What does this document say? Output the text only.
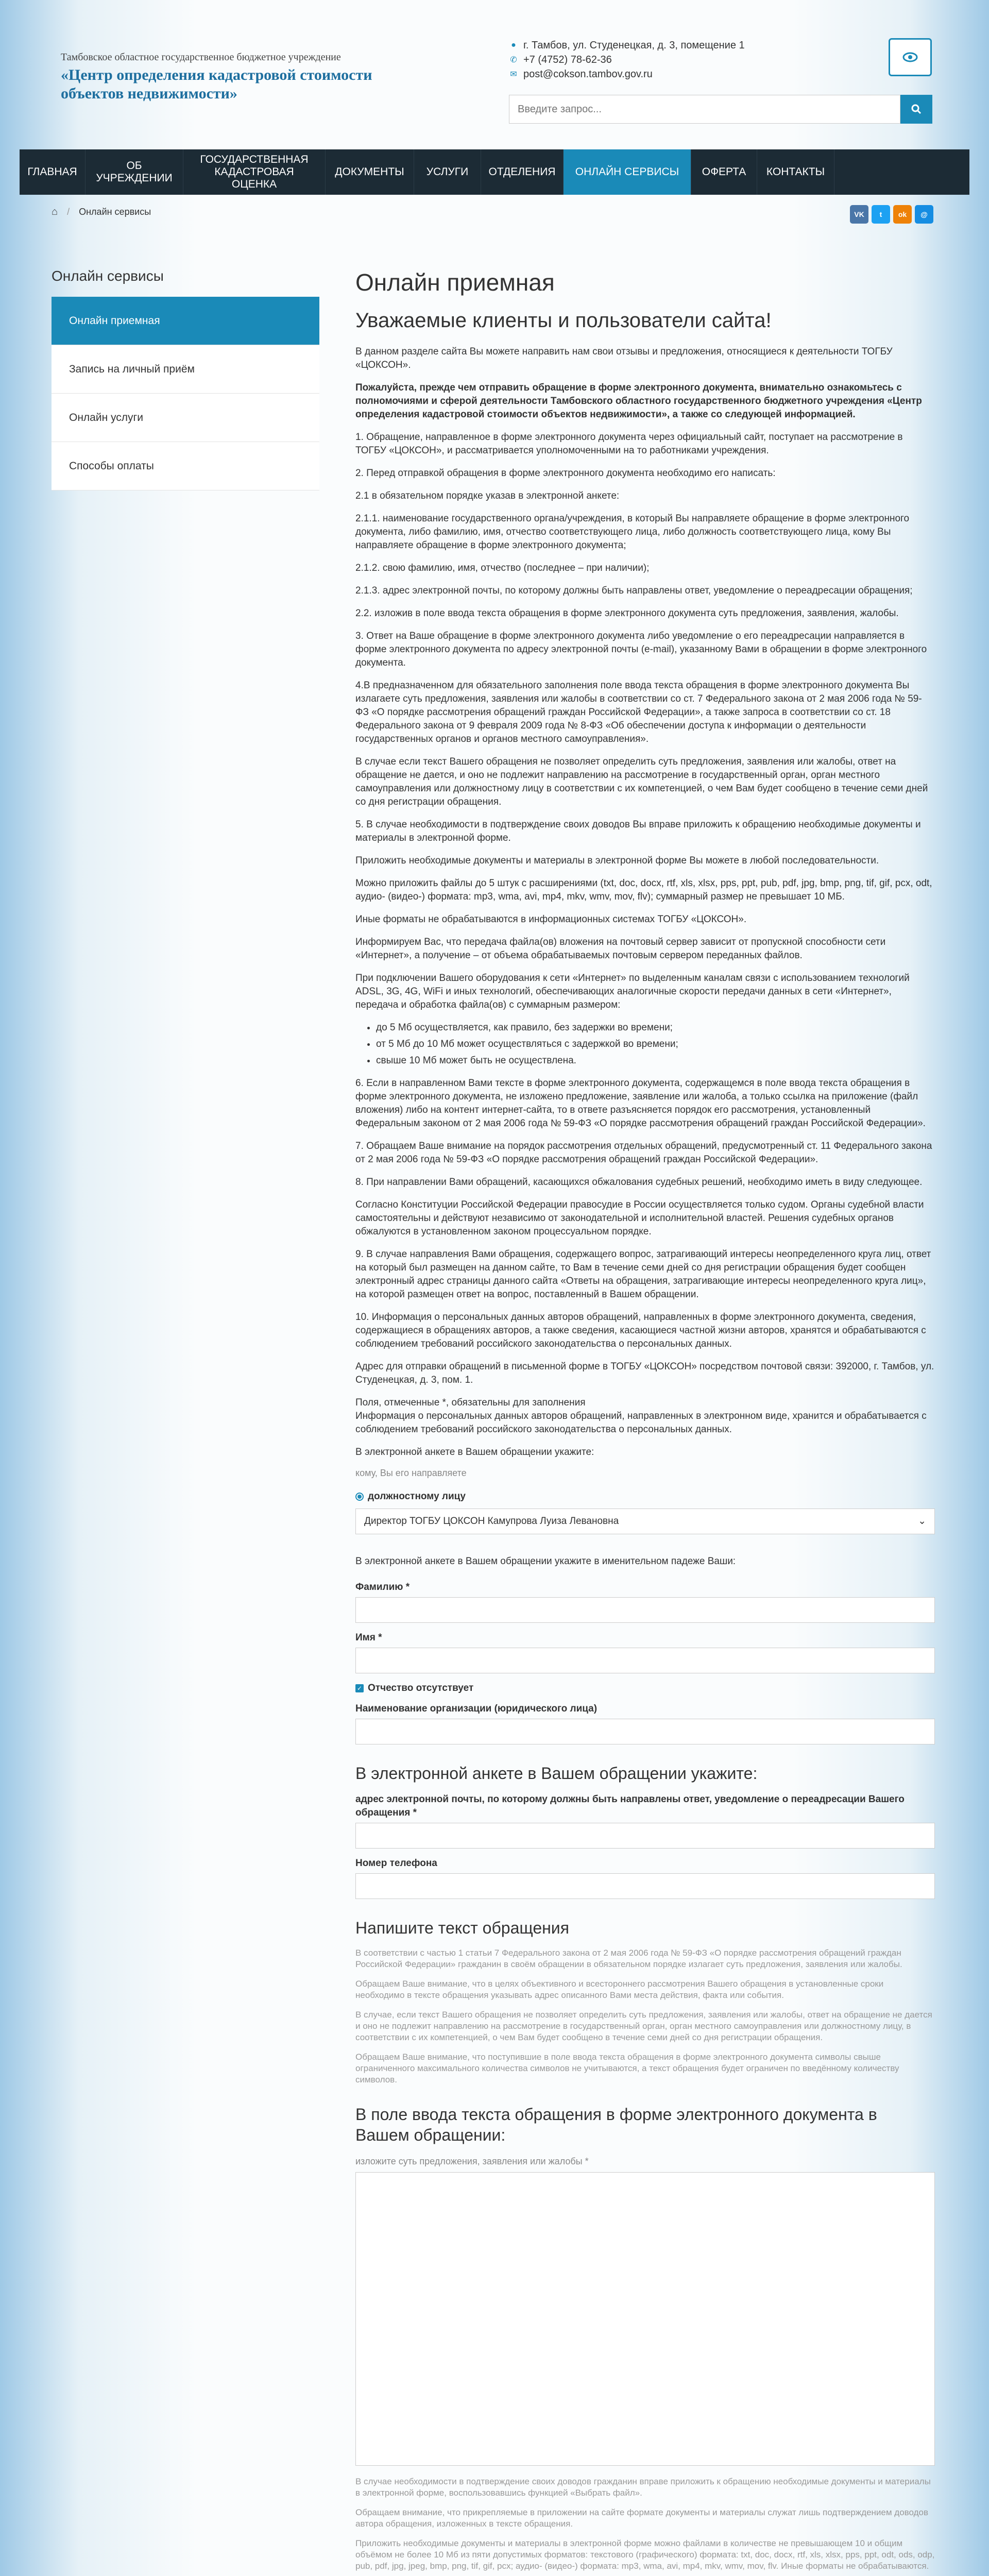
Тамбовское областное государственное бюджетное учреждение
«Центр определения кадастровой стоимости объектов недвижимости»
● г. Тамбов, ул. Студенецкая, д. 3, помещение 1
✆ +7 (4752) 78-62-36
✉ post@cokson.tambov.gov.ru
Введите запрос...
ГЛАВНАЯ
ОБ УЧРЕЖДЕНИИ
ГОСУДАРСТВЕННАЯ КАДАСТРОВАЯ ОЦЕНКА
ДОКУМЕНТЫ	УСЛУГИ	ОТДЕЛЕНИЯ	ОНЛАЙН СЕРВИСЫ	ОФЕРТА	КОНТАКТЫ
⌂ / Онлайн сервисы	VK	t	ok	@
Онлайн сервисы
Онлайн приемная
Запись на личный приём
Онлайн услуги
Способы оплаты
Онлайн приемная
Уважаемые клиенты и пользователи сайта!

В данном разделе сайта Вы можете направить нам свои отзывы и предложения, относящиеся к деятельности ТОГБУ «ЦОКСОН».

Пожалуйста, прежде чем отправить обращение в форме электронного документа, внимательно ознакомьтесь с полномочиями и сферой деятельности Тамбовского областного государственного бюджетного учреждения «Центр определения кадастровой стоимости объектов недвижимости», а также со следующей информацией.

1. Обращение, направленное в форме электронного документа через официальный сайт, поступает на рассмотрение в ТОГБУ «ЦОКСОН», и рассматривается уполномоченными на то работниками учреждения.

2. Перед отправкой обращения в форме электронного документа необходимо его написать:

2.1 в обязательном порядке указав в электронной анкете:

2.1.1. наименование государственного органа/учреждения, в который Вы направляете обращение в форме электронного документа, либо фамилию, имя, отчество соответствующего лица, либо должность соответствующего лица, кому Вы направляете обращение в форме электронного документа;

2.1.2. свою фамилию, имя, отчество (последнее – при наличии);

2.1.3. адрес электронной почты, по которому должны быть направлены ответ, уведомление о переадресации обращения;

2.2. изложив в поле ввода текста обращения в форме электронного документа суть предложения, заявления, жалобы.

3. Ответ на Ваше обращение в форме электронного документа либо уведомление о его переадресации направляется в форме электронного документа по адресу электронной почты (e-mail), указанному Вами в обращении в форме электронного документа.

4.В предназначенном для обязательного заполнения поле ввода текста обращения в форме электронного документа Вы излагаете суть предложения, заявления или жалобы в соответствии со ст. 7 Федерального закона от 2 мая 2006 года № 59-ФЗ «О порядке рассмотрения обращений граждан Российской Федерации», а также запроса в соответствии со ст. 18 Федерального закона от 9 февраля 2009 года № 8-ФЗ «Об обеспечении доступа к информации о деятельности государственных органов и органов местного самоуправления».

В случае если текст Вашего обращения не позволяет определить суть предложения, заявления или жалобы, ответ на обращение не дается, и оно не подлежит направлению на рассмотрение в государственный орган, орган местного самоуправления или должностному лицу в соответствии с их компетенцией, о чем Вам будет сообщено в течение семи дней со дня регистрации обращения.

5. В случае необходимости в подтверждение своих доводов Вы вправе приложить к обращению необходимые документы и материалы в электронной форме.

Приложить необходимые документы и материалы в электронной форме Вы можете в любой последовательности.

Можно приложить файлы до 5 штук с расширениями (txt, doc, docx, rtf, xls, xlsx, pps, ppt, pub, pdf, jpg, bmp, png, tif, gif, pcx, odt, аудио- (видео-) формата: mp3, wma, avi, mp4, mkv, wmv, mov, flv); суммарный размер не превышает 10 МБ.

Иные форматы не обрабатываются в информационных системах ТОГБУ «ЦОКСОН».

Информируем Вас, что передача файла(ов) вложения на почтовый сервер зависит от пропускной способности сети «Интернет», а получение – от объема обрабатываемых почтовым сервером переданных файлов.

При подключении Вашего оборудования к сети «Интернет» по выделенным каналам связи с использованием технологий ADSL, 3G, 4G, WiFi и иных технологий, обеспечивающих аналогичные скорости передачи данных в сети «Интернет», передача и обработка файла(ов) с суммарным размером:

• до 5 Мб осуществляется, как правило, без задержки во времени;
• от 5 Мб до 10 Мб может осуществляться с задержкой во времени;
• свыше 10 Мб может быть не осуществлена.

6. Если в направленном Вами тексте в форме электронного документа, содержащемся в поле ввода текста обращения в форме электронного документа, не изложено предложение, заявление или жалоба, а только ссылка на приложение (файл вложения) либо на контент интернет-сайта, то в ответе разъясняется порядок его рассмотрения, установленный Федеральным законом от 2 мая 2006 года № 59-ФЗ «О порядке рассмотрения обращений граждан Российской Федерации».

7. Обращаем Ваше внимание на порядок рассмотрения отдельных обращений, предусмотренный ст. 11 Федерального закона от 2 мая 2006 года № 59-ФЗ «О порядке рассмотрения обращений граждан Российской Федерации».

8. При направлении Вами обращений, касающихся обжалования судебных решений, необходимо иметь в виду следующее.

Согласно Конституции Российской Федерации правосудие в России осуществляется только судом. Органы судебной власти самостоятельны и действуют независимо от законодательной и исполнительной властей. Решения судебных органов обжалуются в установленном законом процессуальном порядке.

9. В случае направления Вами обращения, содержащего вопрос, затрагивающий интересы неопределенного круга лиц, ответ на который был размещен на данном сайте, то Вам в течение семи дней со дня регистрации обращения будет сообщен электронный адрес страницы данного сайта «Ответы на обращения, затрагивающие интересы неопределенного круга лиц», на которой размещен ответ на вопрос, поставленный в Вашем обращении.

10. Информация о персональных данных авторов обращений, направленных в форме электронного документа, сведения, содержащиеся в обращениях авторов, а также сведения, касающиеся частной жизни авторов, хранятся и обрабатываются с соблюдением требований российского законодательства о персональных данных.

Адрес для отправки обращений в письменной форме в ТОГБУ «ЦОКСОН» посредством почтовой связи: 392000, г. Тамбов, ул. Студенецкая, д. 3, пом. 1.

Поля, отмеченные *, обязательны для заполнения

Информация о персональных данных авторов обращений, направленных в электронном виде, хранится и обрабатывается с соблюдением требований российского законодательства о персональных данных.

В электронной анкете в Вашем обращении укажите:
кому, Вы его направляете
должностному лицу
Директор ТОГБУ ЦОКСОН Камупрова Луиза Левановна	⌄
В электронной анкете в Вашем обращении укажите в именительном падеже Ваши:
Фамилию *
Имя *
✓ Отчество отсутствует
Наименование организации (юридического лица)
В электронной анкете в Вашем обращении укажите:
адрес электронной почты, по которому должны быть направлены ответ, уведомление о переадресации Вашего обращения *
Номер телефона
Напишите текст обращения
В соответствии с частью 1 статьи 7 Федерального закона от 2 мая 2006 года № 59-ФЗ «О порядке рассмотрения обращений граждан Российской Федерации» гражданин в своём обращении в обязательном порядке излагает суть предложения, заявления или жалобы.
Обращаем Ваше внимание, что в целях объективного и всестороннего рассмотрения Вашего обращения в установленные сроки необходимо в тексте обращения указывать адрес описанного Вами места действия, факта или события.
В случае, если текст Вашего обращения не позволяет определить суть предложения, заявления или жалобы, ответ на обращение не дается и оно не подлежит направлению на рассмотрение в государственный орган, орган местного самоуправления или должностному лицу, в соответствии с их компетенцией, о чем Вам будет сообщено в течение семи дней со дня регистрации обращения.
Обращаем Ваше внимание, что поступившие в поле ввода текста обращения в форме электронного документа символы свыше ограниченного максимального количества символов не учитываются, а текст обращения будет ограничен по введённому количеству символов.
В поле ввода текста обращения в форме электронного документа в Вашем обращении:
изложите суть предложения, заявления или жалобы *
В случае необходимости в подтверждение своих доводов гражданин вправе приложить к обращению необходимые документы и материалы в электронной форме, воспользовавшись функцией «Выбрать файл».
Обращаем внимание, что прикрепляемые в приложении на сайте формате документы и материалы служат лишь подтверждением доводов автора обращения, изложенных в тексте обращения.
Приложить необходимые документы и материалы в электронной форме можно файлами в количестве не превышающем 10 и общим объёмом не более 10 Мб из пяти допустимых форматов: текстового (графического) формата: txt, doc, docx, rtf, xls, xlsx, pps, ppt, odt, ods, odp, pub, pdf, jpg, jpeg, bmp, png, tif, gif, pcx; аудио- (видео-) формата: mp3, wma, avi, mp4, mkv, wmv, mov, flv. Иные форматы не обрабатываются.
